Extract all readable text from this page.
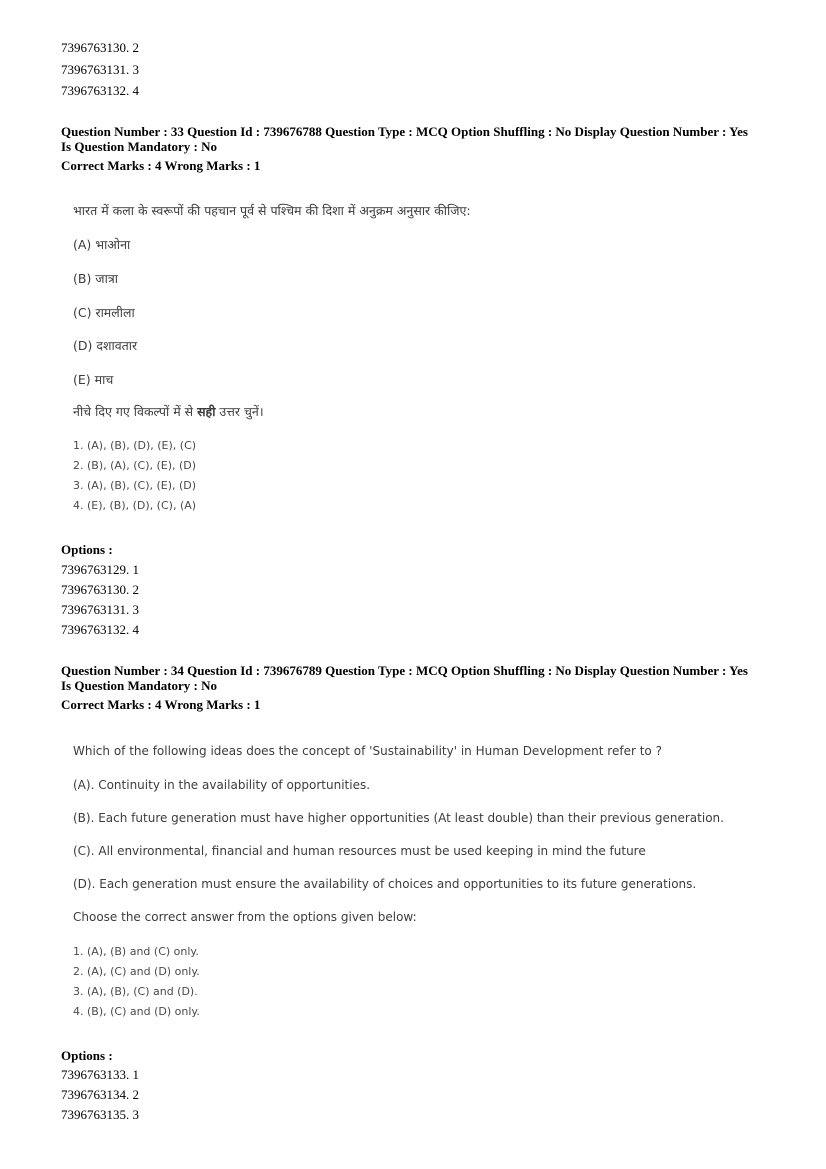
7396763130. 2
7396763131. 3
7396763132. 4
Question Number : 33 Question Id : 739676788 Question Type : MCQ Option Shuffling : No Display Question Number : Yes
Is Question Mandatory : No
Correct Marks : 4 Wrong Marks : 1
भारत में कला के स्वरूपों की पहचान पूर्व से पश्चिम की दिशा में अनुक्रम अनुसार कीजिए:
(A) भाओना
(B) जात्रा
(C) रामलीला
(D) दशावतार
(E) माच
नीचे दिए गए विकल्पों में से सही उत्तर चुनें।
1. (A), (B), (D), (E), (C)
2. (B), (A), (C), (E), (D)
3. (A), (B), (C), (E), (D)
4. (E), (B), (D), (C), (A)
Options :
7396763129. 1
7396763130. 2
7396763131. 3
7396763132. 4
Question Number : 34 Question Id : 739676789 Question Type : MCQ Option Shuffling : No Display Question Number : Yes
Is Question Mandatory : No
Correct Marks : 4 Wrong Marks : 1
Which of the following ideas does the concept of 'Sustainability' in Human Development refer to ?
(A). Continuity in the availability of opportunities.
(B). Each future generation must have higher opportunities (At least double) than their previous generation.
(C). All environmental, financial and human resources must be used keeping in mind the future
(D). Each generation must ensure the availability of choices and opportunities to its future generations.
Choose the correct answer from the options given below:
1. (A), (B) and (C) only.
2. (A), (C) and (D) only.
3. (A), (B), (C) and (D).
4. (B), (C) and (D) only.
Options :
7396763133. 1
7396763134. 2
7396763135. 3
